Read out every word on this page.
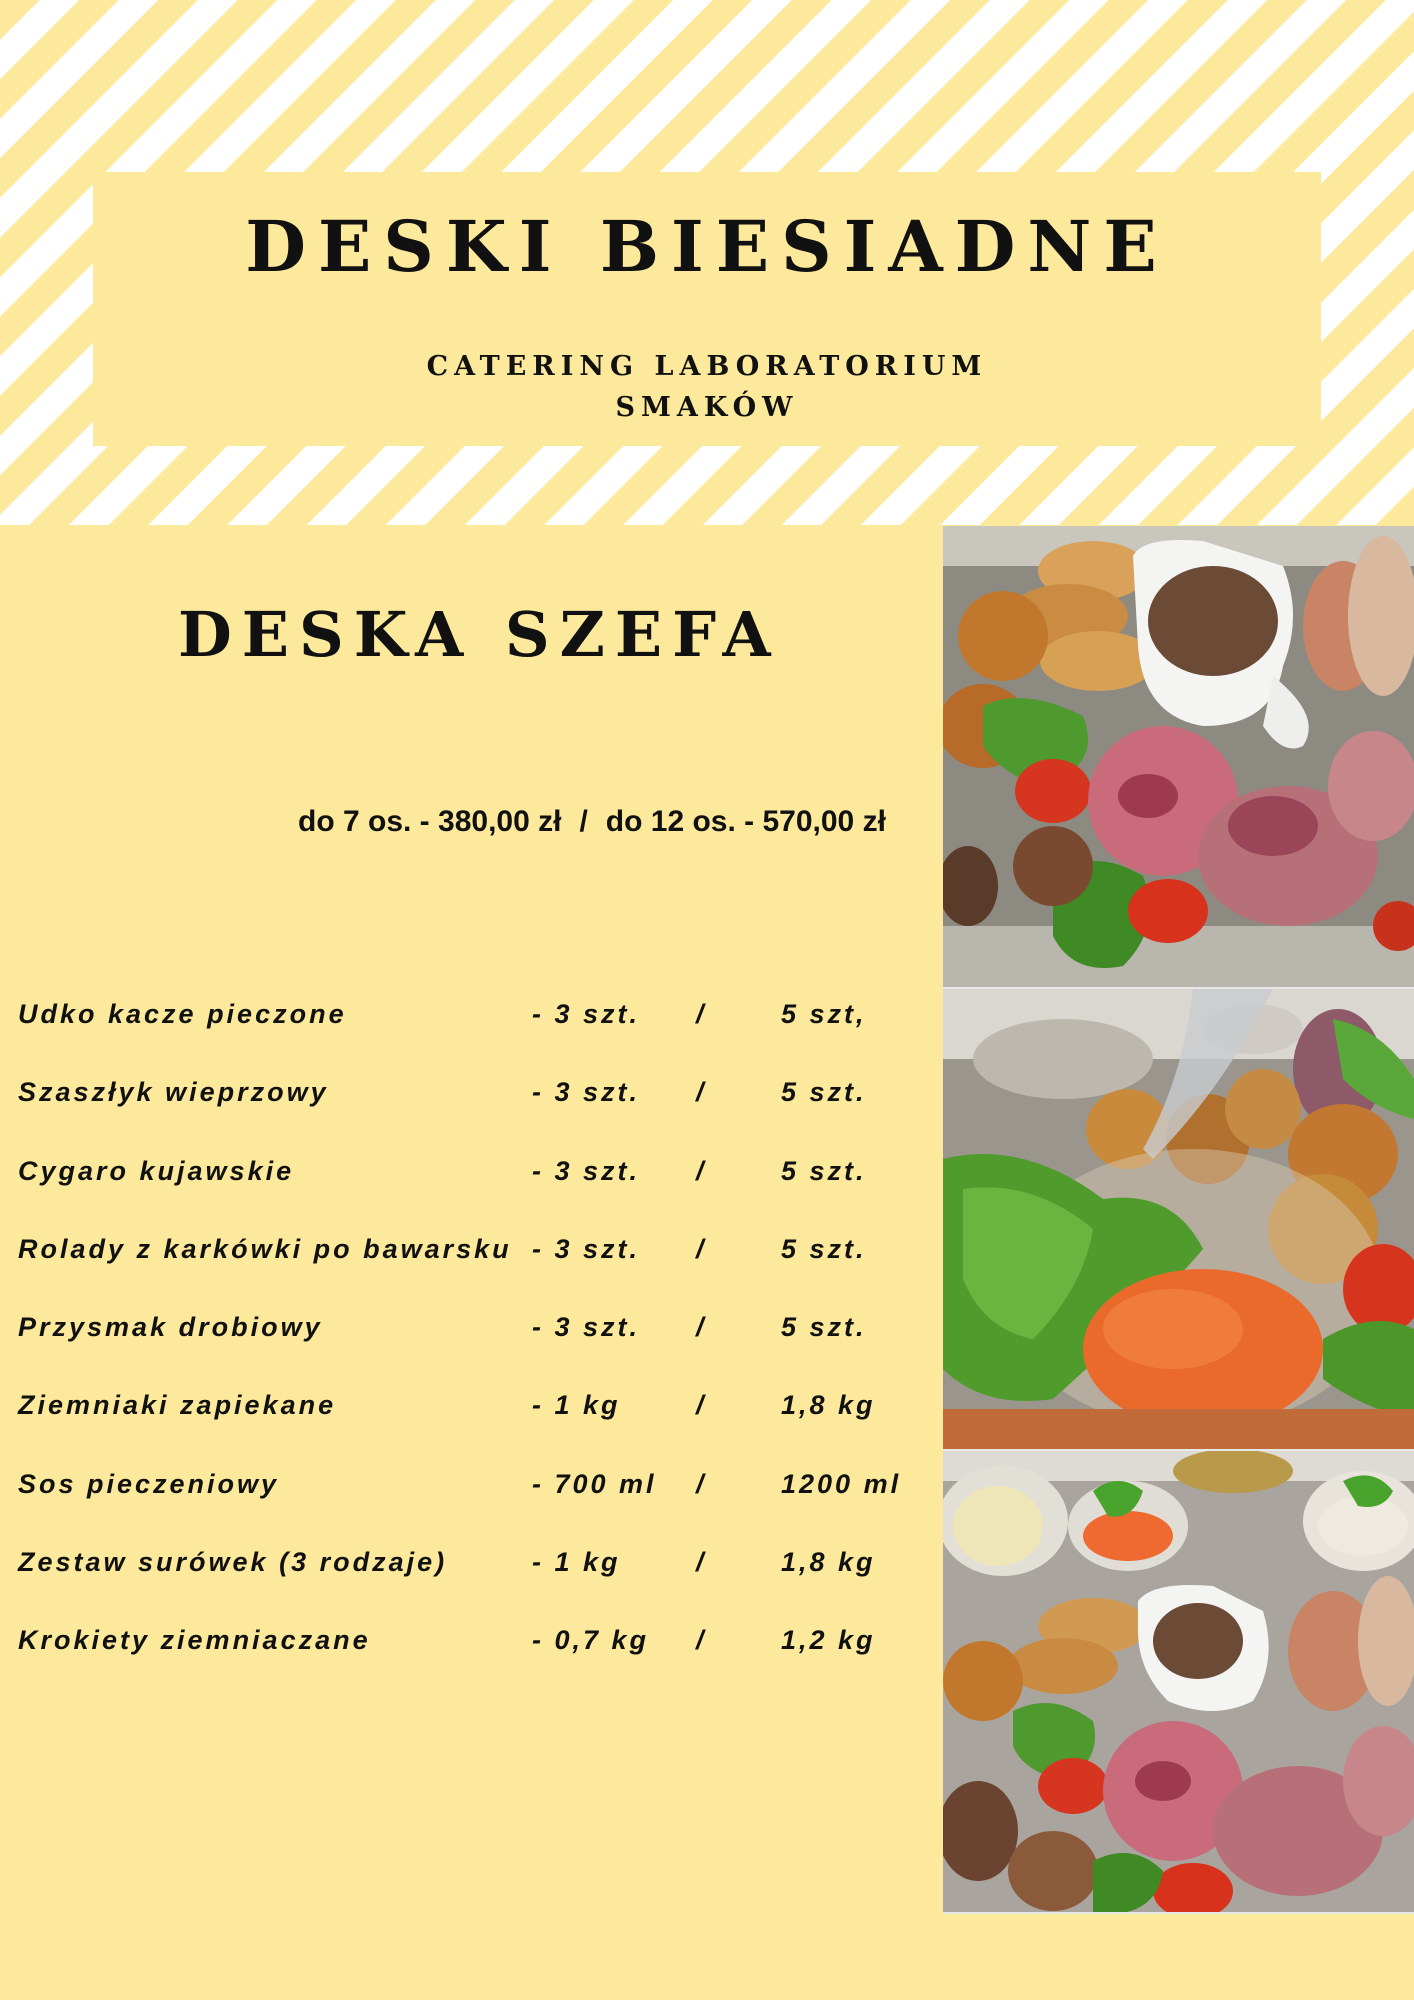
DESKI BIESIADNE
CATERING LABORATORIUM
SMAKÓW
DESKA SZEFA
do 7 os. - 380,00 zł / do 12 os. - 570,00 zł
Udko kacze pieczone	- 3 szt. /	5 szt,
Szaszłyk wieprzowy	- 3 szt. /	5 szt.
Cygaro kujawskie	- 3 szt. /	5 szt.
Rolady z karkówki po bawarsku - 3 szt. /	5 szt.
Przysmak drobiowy	- 3 szt. /	5 szt.
Ziemniaki zapiekane	- 1 kg	/	1,8 kg
Sos pieczeniowy	- 700 ml /	1200 ml
Zestaw surówek (3 rodzaje)	- 1 kg	/	1,8 kg
Krokiety ziemniaczane	- 0,7 kg /	1,2 kg
